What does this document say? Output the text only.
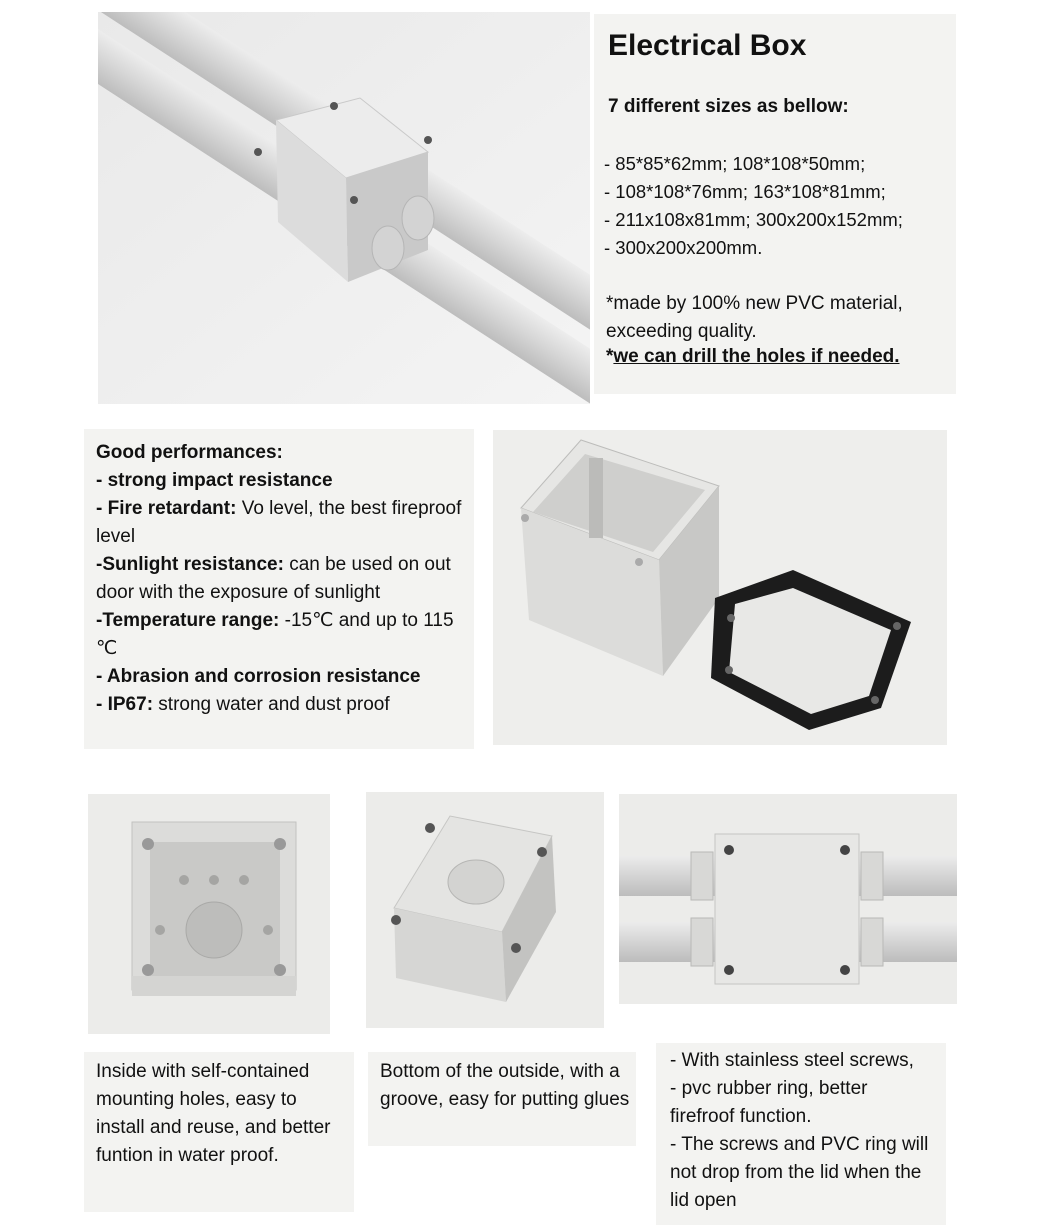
Electrical Box
7 different sizes as bellow:
- 85*85*62mm; 108*108*50mm;
- 108*108*76mm; 163*108*81mm;
- 211x108x81mm; 300x200x152mm;
- 300x200x200mm.
*made by 100% new PVC material,
exceeding quality.
*we can drill the holes if needed.
Good performances:
- strong impact resistance
- Fire retardant: Vo level, the best fireproof level
-Sunlight resistance: can be used on out door with the exposure of sunlight
-Temperature range: -15℃ and up to 115 ℃
- Abrasion and corrosion resistance
- IP67: strong water and dust proof
Inside with self-contained mounting holes, easy to install and reuse, and better funtion in water proof.
Bottom of the outside, with a groove, easy for putting glues
- With stainless steel screws,
- pvc rubber ring, better firefroof function.
- The screws and PVC ring will not drop from the lid when the lid open
